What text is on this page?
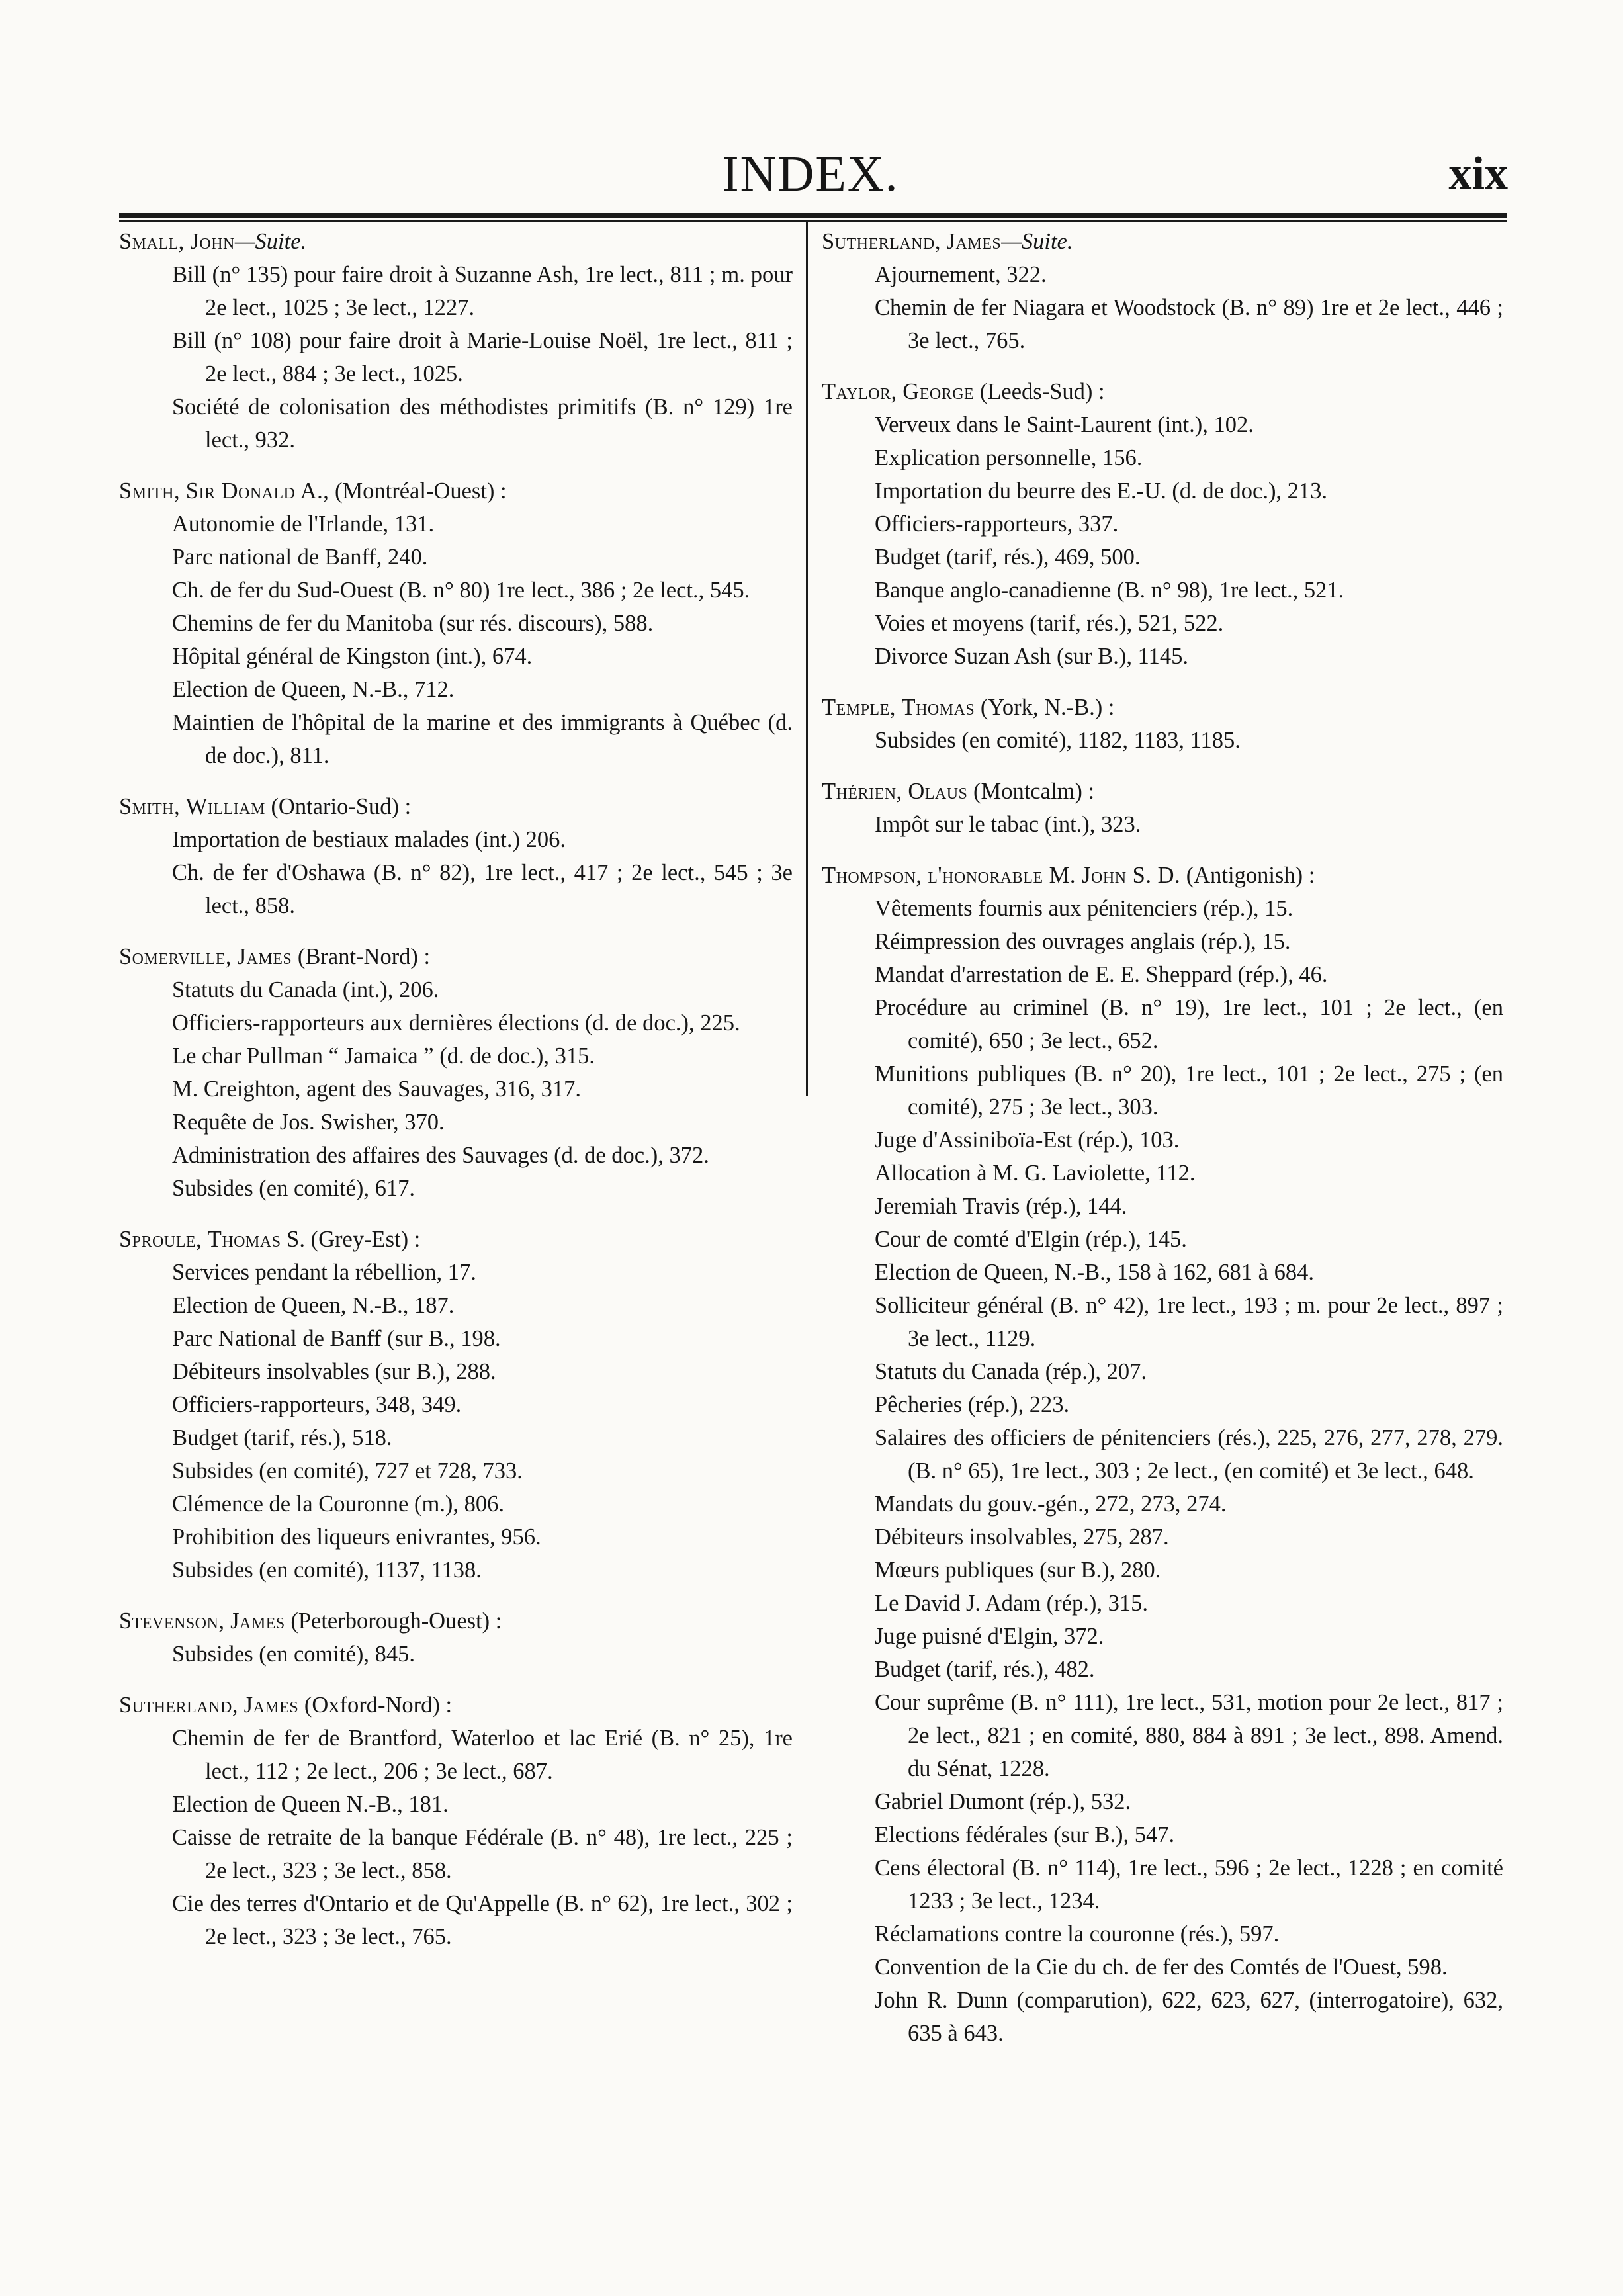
INDEX.	xix
Small, John—Suite.
Bill (n° 135) pour faire droit à Suzanne Ash, 1re lect., 811 ; m. pour 2e lect., 1025 ; 3e lect., 1227.
Bill (n° 108) pour faire droit à Marie-Louise Noël, 1re lect., 811 ; 2e lect., 884 ; 3e lect., 1025.
Société de colonisation des méthodistes primitifs (B. n° 129) 1re lect., 932.
Smith, Sir Donald A., (Montréal-Ouest) :
Autonomie de l'Irlande, 131.
Parc national de Banff, 240.
Ch. de fer du Sud-Ouest (B. n° 80) 1re lect., 386 ; 2e lect., 545.
Chemins de fer du Manitoba (sur rés. discours), 588.
Hôpital général de Kingston (int.), 674.
Election de Queen, N.-B., 712.
Maintien de l'hôpital de la marine et des immigrants à Québec (d. de doc.), 811.
Smith, William (Ontario-Sud) :
Importation de bestiaux malades (int.) 206.
Ch. de fer d'Oshawa (B. n° 82), 1re lect., 417 ; 2e lect., 545 ; 3e lect., 858.
Somerville, James (Brant-Nord) :
Statuts du Canada (int.), 206.
Officiers-rapporteurs aux dernières élections (d. de doc.), 225.
Le char Pullman “ Jamaica ” (d. de doc.), 315.
M. Creighton, agent des Sauvages, 316, 317.
Requête de Jos. Swisher, 370.
Administration des affaires des Sauvages (d. de doc.), 372.
Subsides (en comité), 617.
Sproule, Thomas S. (Grey-Est) :
Services pendant la rébellion, 17.
Election de Queen, N.-B., 187.
Parc National de Banff (sur B., 198.
Débiteurs insolvables (sur B.), 288.
Officiers-rapporteurs, 348, 349.
Budget (tarif, rés.), 518.
Subsides (en comité), 727 et 728, 733.
Clémence de la Couronne (m.), 806.
Prohibition des liqueurs enivrantes, 956.
Subsides (en comité), 1137, 1138.
Stevenson, James (Peterborough-Ouest) :
Subsides (en comité), 845.
Sutherland, James (Oxford-Nord) :
Chemin de fer de Brantford, Waterloo et lac Erié (B. n° 25), 1re lect., 112 ; 2e lect., 206 ; 3e lect., 687.
Election de Queen N.-B., 181.
Caisse de retraite de la banque Fédérale (B. n° 48), 1re lect., 225 ; 2e lect., 323 ; 3e lect., 858.
Cie des terres d'Ontario et de Qu'Appelle (B. n° 62), 1re lect., 302 ; 2e lect., 323 ; 3e lect., 765.
Sutherland, James—Suite.
Ajournement, 322.
Chemin de fer Niagara et Woodstock (B. n° 89) 1re et 2e lect., 446 ; 3e lect., 765.
Taylor, George (Leeds-Sud) :
Verveux dans le Saint-Laurent (int.), 102.
Explication personnelle, 156.
Importation du beurre des E.-U. (d. de doc.), 213.
Officiers-rapporteurs, 337.
Budget (tarif, rés.), 469, 500.
Banque anglo-canadienne (B. n° 98), 1re lect., 521.
Voies et moyens (tarif, rés.), 521, 522.
Divorce Suzan Ash (sur B.), 1145.
Temple, Thomas (York, N.-B.) :
Subsides (en comité), 1182, 1183, 1185.
Thérien, Olaus (Montcalm) :
Impôt sur le tabac (int.), 323.
Thompson, l'honorable M. John S. D. (Antigonish) :
Vêtements fournis aux pénitenciers (rép.), 15.
Réimpression des ouvrages anglais (rép.), 15.
Mandat d'arrestation de E. E. Sheppard (rép.), 46.
Procédure au criminel (B. n° 19), 1re lect., 101 ; 2e lect., (en comité), 650 ; 3e lect., 652.
Munitions publiques (B. n° 20), 1re lect., 101 ; 2e lect., 275 ; (en comité), 275 ; 3e lect., 303.
Juge d'Assiniboïa-Est (rép.), 103.
Allocation à M. G. Laviolette, 112.
Jeremiah Travis (rép.), 144.
Cour de comté d'Elgin (rép.), 145.
Election de Queen, N.-B., 158 à 162, 681 à 684.
Solliciteur général (B. n° 42), 1re lect., 193 ; m. pour 2e lect., 897 ; 3e lect., 1129.
Statuts du Canada (rép.), 207.
Pêcheries (rép.), 223.
Salaires des officiers de pénitenciers (rés.), 225, 276, 277, 278, 279. (B. n° 65), 1re lect., 303 ; 2e lect., (en comité) et 3e lect., 648.
Mandats du gouv.-gén., 272, 273, 274.
Débiteurs insolvables, 275, 287.
Mœurs publiques (sur B.), 280.
Le David J. Adam (rép.), 315.
Juge puisné d'Elgin, 372.
Budget (tarif, rés.), 482.
Cour suprême (B. n° 111), 1re lect., 531, motion pour 2e lect., 817 ; 2e lect., 821 ; en comité, 880, 884 à 891 ; 3e lect., 898. Amend. du Sénat, 1228.
Gabriel Dumont (rép.), 532.
Elections fédérales (sur B.), 547.
Cens électoral (B. n° 114), 1re lect., 596 ; 2e lect., 1228 ; en comité 1233 ; 3e lect., 1234.
Réclamations contre la couronne (rés.), 597.
Convention de la Cie du ch. de fer des Comtés de l'Ouest, 598.
John R. Dunn (comparution), 622, 623, 627, (interrogatoire), 632, 635 à 643.
